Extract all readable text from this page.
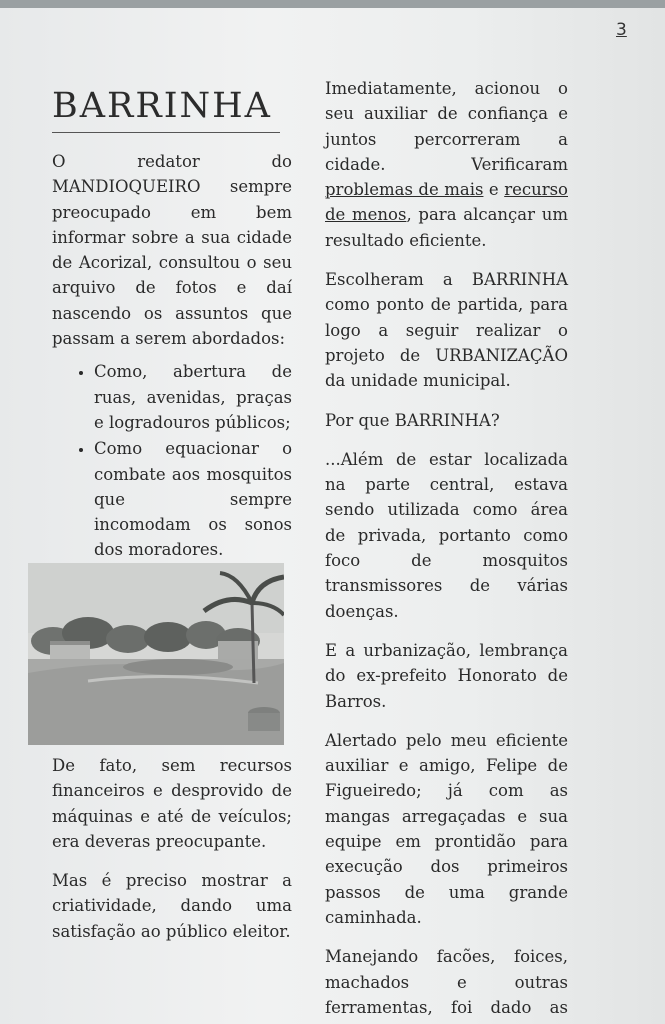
3
BARRINHA

O redator do MANDIOQUEIRO sempre preocupado em bem informar sobre a sua cidade de Acorizal, consultou o seu arquivo de fotos e daí nascendo os assuntos que passam a serem abordados:

• Como, abertura de ruas, avenidas, praças e logradouros públicos;
• Como equacionar o combate aos mosquitos que sempre incomodam os sonos dos moradores.

De fato, sem recursos financeiros e desprovido de máquinas e até de veículos; era deveras preocupante.

Mas é preciso mostrar a criatividade, dando uma satisfação ao público eleitor.

Imediatamente, acionou o seu auxiliar de confiança e juntos percorreram a cidade. Verificaram problemas de mais e recurso de menos, para alcançar um resultado eficiente.

Escolheram a BARRINHA como ponto de partida, para logo a seguir realizar o projeto de URBANIZAÇÃO da unidade municipal.

Por que BARRINHA?

...Além de estar localizada na parte central, estava sendo utilizada como área de privada, portanto como foco de mosquitos transmissores de várias doenças.

E a urbanização, lembrança do ex-prefeito Honorato de Barros.

Alertado pelo meu eficiente auxiliar e amigo, Felipe de Figueiredo; já com as mangas arregaçadas e sua equipe em prontidão para execução dos primeiros passos de uma grande caminhada.

Manejando facões, foices, machados e outras ferramentas, foi dado as
